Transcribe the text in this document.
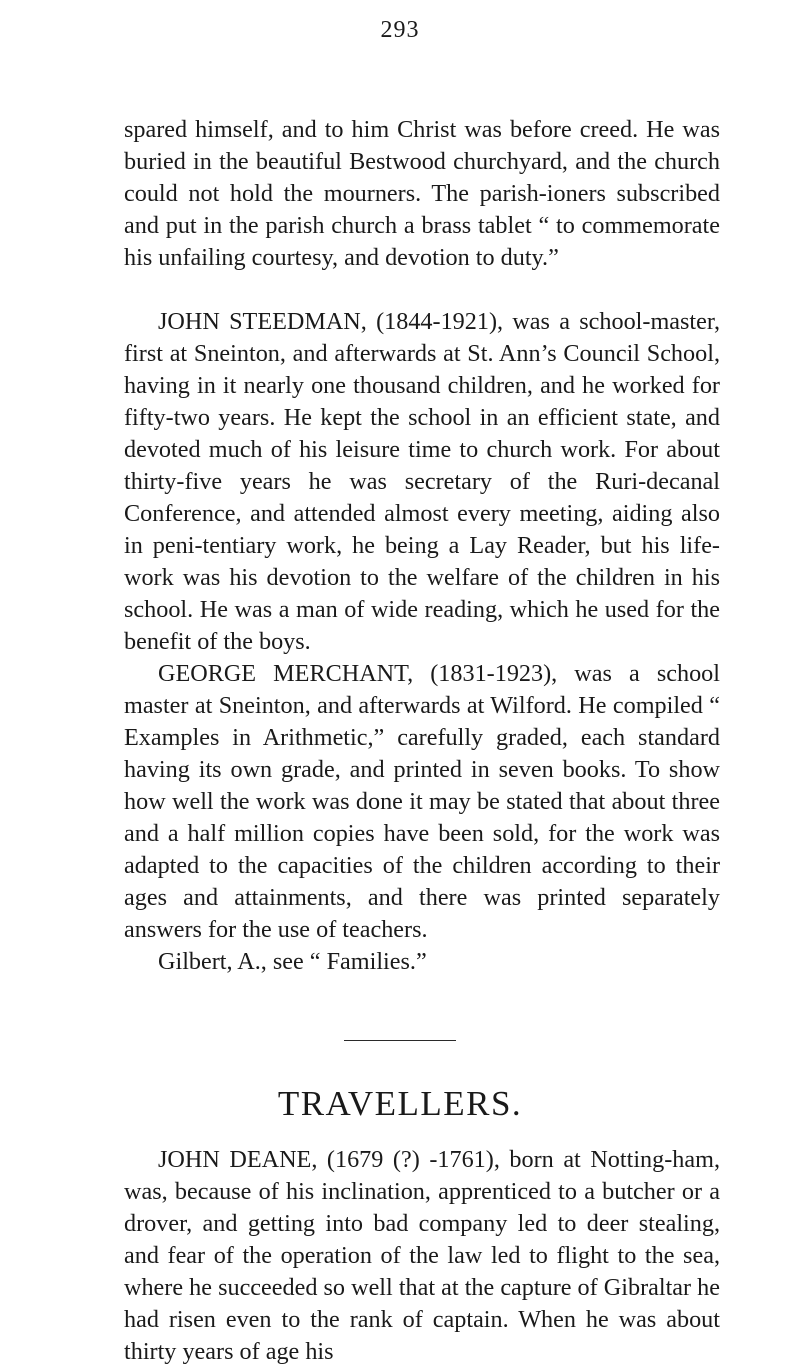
293

spared himself, and to him Christ was before creed. He was buried in the beautiful Bestwood churchyard, and the church could not hold the mourners. The parish-ioners subscribed and put in the parish church a brass tablet “ to commemorate his unfailing courtesy, and devotion to duty.”

JOHN STEEDMAN, (1844-1921), was a school-master, first at Sneinton, and afterwards at St. Ann’s Council School, having in it nearly one thousand children, and he worked for fifty-two years. He kept the school in an efficient state, and devoted much of his leisure time to church work. For about thirty-five years he was secretary of the Ruri-decanal Conference, and attended almost every meeting, aiding also in peni-tentiary work, he being a Lay Reader, but his life-work was his devotion to the welfare of the children in his school. He was a man of wide reading, which he used for the benefit of the boys.

GEORGE MERCHANT, (1831-1923), was a school master at Sneinton, and afterwards at Wilford. He compiled “ Examples in Arithmetic,” carefully graded, each standard having its own grade, and printed in seven books. To show how well the work was done it may be stated that about three and a half million copies have been sold, for the work was adapted to the capacities of the children according to their ages and attainments, and there was printed separately answers for the use of teachers.

Gilbert, A., see “ Families.”

TRAVELLERS.

JOHN DEANE, (1679 (?) -1761), born at Notting-ham, was, because of his inclination, apprenticed to a butcher or a drover, and getting into bad company led to deer stealing, and fear of the operation of the law led to flight to the sea, where he succeeded so well that at the capture of Gibraltar he had risen even to the rank of captain. When he was about thirty years of age his
